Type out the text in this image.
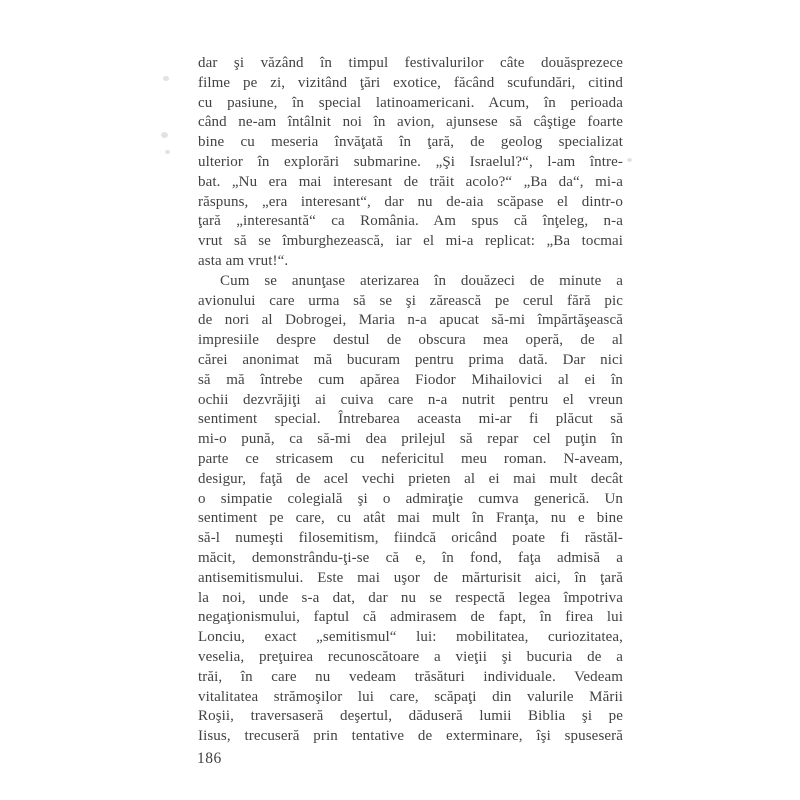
dar şi văzând în timpul festivalurilor câte douăsprezece
filme pe zi, vizitând ţări exotice, făcând scufundări, citind
cu pasiune, în special latinoamericani. Acum, în perioada
când ne-am întâlnit noi în avion, ajunsese să câştige foarte
bine cu meseria învăţată în ţară, de geolog specializat
ulterior în explorări submarine. „Şi Israelul?“, l-am între-
bat. „Nu era mai interesant de trăit acolo?“ „Ba da“, mi-a
răspuns, „era interesant“, dar nu de-aia scăpase el dintr-o
ţară „interesantă“ ca România. Am spus că înţeleg, n-a
vrut să se îmburghezească, iar el mi-a replicat: „Ba tocmai
asta am vrut!“.
Cum se anunţase aterizarea în douăzeci de minute a
avionului care urma să se şi zărească pe cerul fără pic
de nori al Dobrogei, Maria n-a apucat să-mi împărtăşească
impresiile despre destul de obscura mea operă, de al
cărei anonimat mă bucuram pentru prima dată. Dar nici
să mă întrebe cum apărea Fiodor Mihailovici al ei în
ochii dezvrăjiţi ai cuiva care n-a nutrit pentru el vreun
sentiment special. Întrebarea aceasta mi-ar fi plăcut să
mi-o pună, ca să-mi dea prilejul să repar cel puţin în
parte ce stricasem cu nefericitul meu roman. N-aveam,
desigur, faţă de acel vechi prieten al ei mai mult decât
o simpatie colegială şi o admiraţie cumva generică. Un
sentiment pe care, cu atât mai mult în Franţa, nu e bine
să-l numeşti filosemitism, fiindcă oricând poate fi răstăl-
măcit, demonstrându-ţi-se că e, în fond, faţa admisă a
antisemitismului. Este mai uşor de mărturisit aici, în ţară
la noi, unde s-a dat, dar nu se respectă legea împotriva
negaţionismului, faptul că admirasem de fapt, în firea lui
Lonciu, exact „semitismul“ lui: mobilitatea, curiozitatea,
veselia, preţuirea recunoscătoare a vieţii şi bucuria de a
trăi, în care nu vedeam trăsături individuale. Vedeam
vitalitatea strămoşilor lui care, scăpaţi din valurile Mării
Roşii, traversaseră deşertul, dăduseră lumii Biblia şi pe
Iisus, trecuseră prin tentative de exterminare, îşi spuseseră
186
